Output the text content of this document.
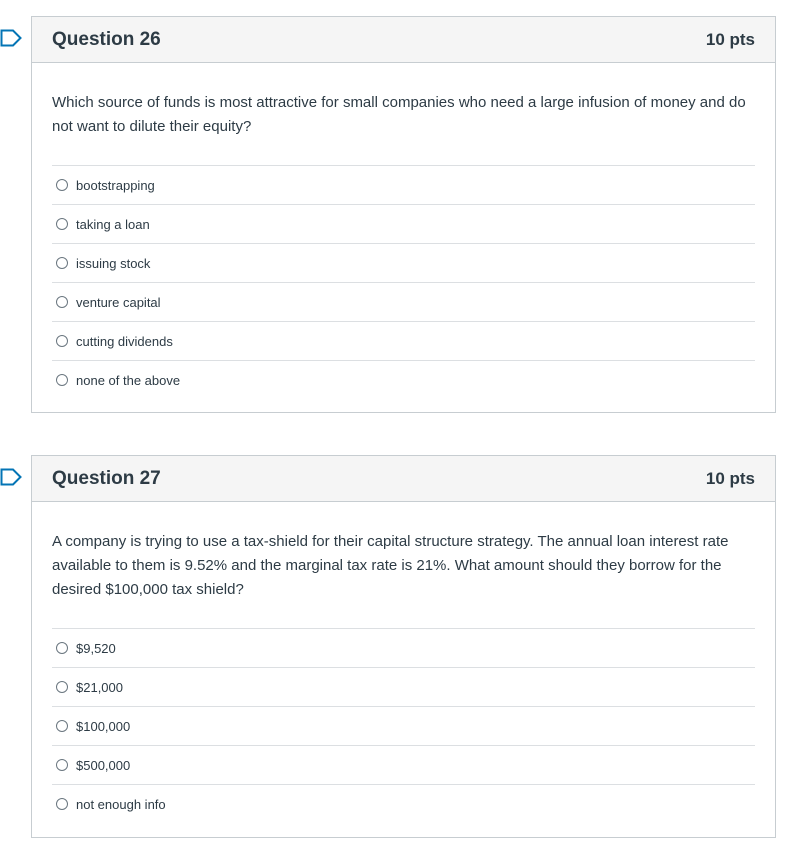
Question 26	10 pts

Which source of funds is most attractive for small companies who need a large infusion of money and do not want to dilute their equity?

bootstrapping
taking a loan
issuing stock
venture capital
cutting dividends
none of the above
Question 27	10 pts

A company is trying to use a tax-shield for their capital structure strategy. The annual loan interest rate available to them is 9.52% and the marginal tax rate is 21%. What amount should they borrow for the desired $100,000 tax shield?

$9,520
$21,000
$100,000
$500,000
not enough info
